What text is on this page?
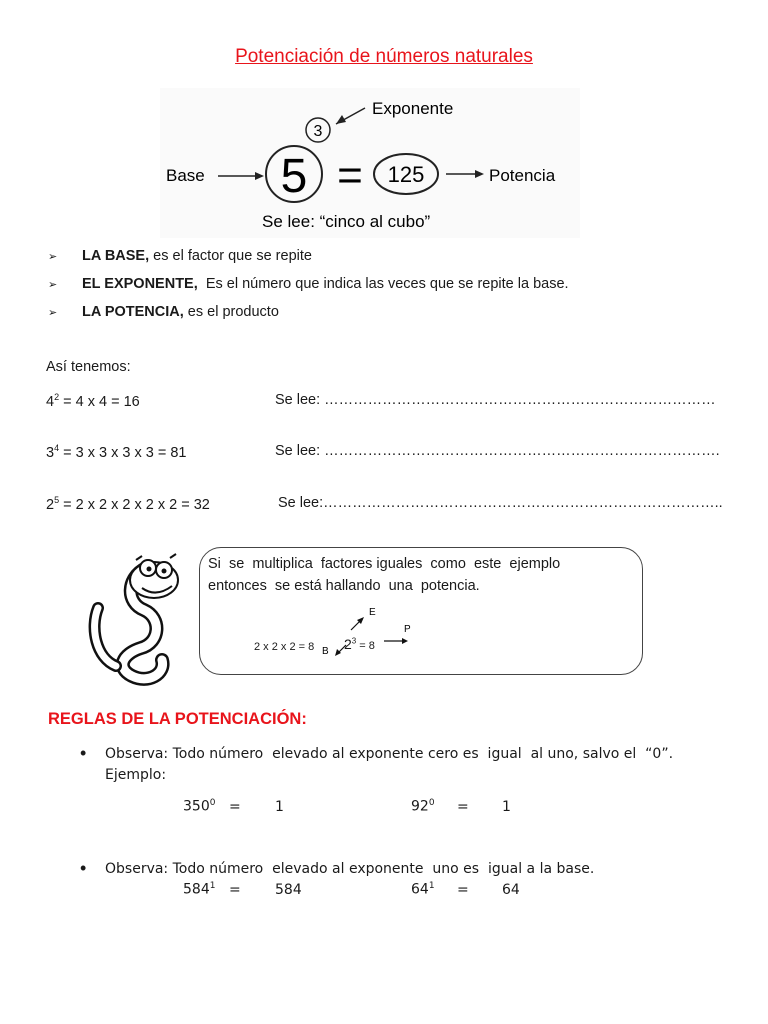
Potenciación de números naturales
3
Exponente
Base 5 = 125	Potencia
Se lee: “cinco al cubo”
➢ LA BASE, es el factor que se repite
➢ EL EXPONENTE,  Es el número que indica las veces que se repite la base.
➢ LA POTENCIA, es el producto
Así tenemos:
$4^2 = 4$ x 4 = 16	Se lee: ………………………………………………………………………
$3^4 = 3$ x 3 x 3 x 3 = 81	Se lee: ……………………………………………………………………….
$2^5 = 2$ x 2 x 2 x 2 x 2 = 32	Se lee:………………………………………………………………………..
Si  se  multiplica  factores iguales  como  este  ejemplo
entonces  se está hallando  una  potencia.
E
P
B
2 x 2 x 2 = 8 $2^3 = 8$
REGLAS DE LA POTENCIACIÓN:
• Observa: Todo número  elevado al exponente cero es  igual  al uno, salvo el  “0”.
Ejemplo:
$350^0 = 1$	$92^0 = 1$
• Observa: Todo número  elevado al exponente  uno es  igual a la base.
$584^1 = 584$	$64^1 = 64$
